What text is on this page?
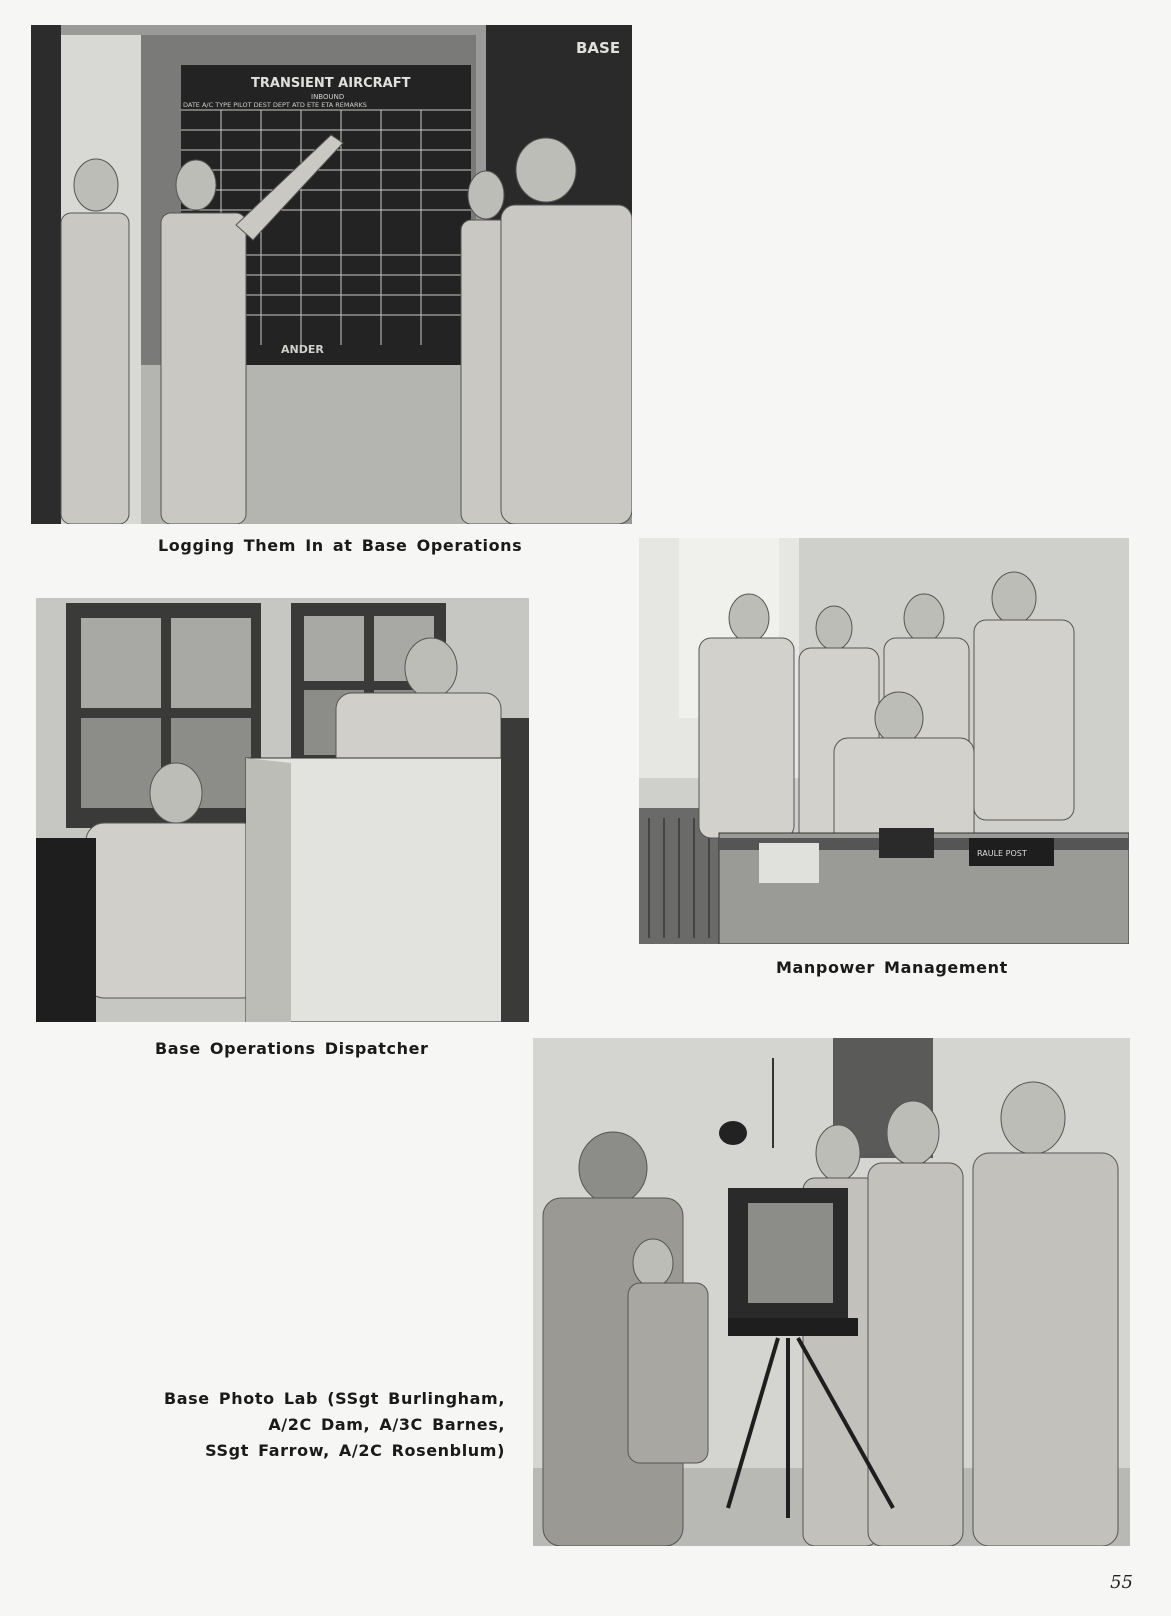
TRANSIENT AIRCRAFT
INBOUND
DATE A/C TYPE PILOT DEST DEPT ATD ETE ETA REMARKS
ANDER
BASE
Logging Them In at Base Operations
RAULE POST
Manpower Management
Base Operations Dispatcher
Base Photo Lab (SSgt Burlingham,
A/2C Dam, A/3C Barnes,
SSgt Farrow, A/2C Rosenblum)
55
